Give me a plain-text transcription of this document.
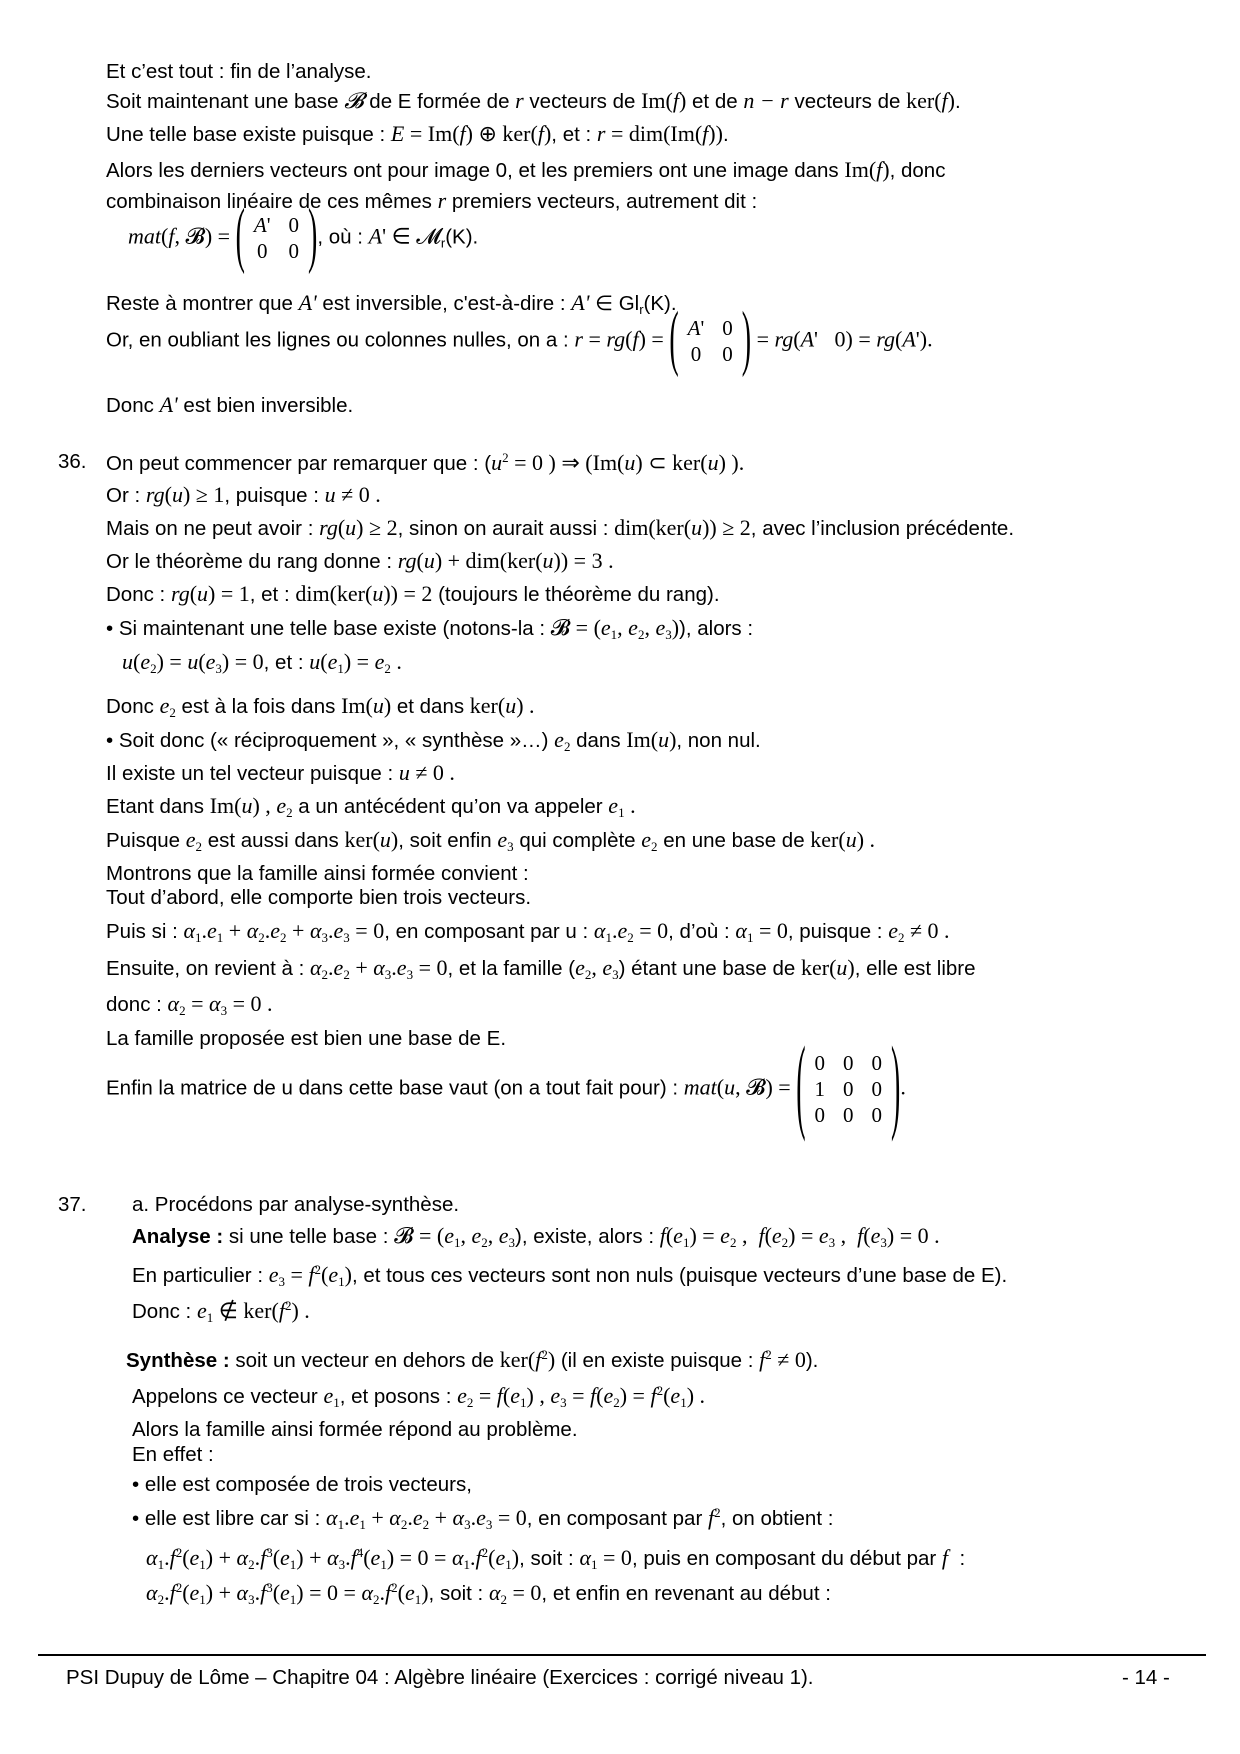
Et c’est tout : fin de l’analyse.
Soit maintenant une base 𝓑 de E formée de r vecteurs de Im(f) et de n − r vecteurs de ker(f).
Une telle base existe puisque : E = Im(f) ⊕ ker(f), et : r = dim(Im(f)).
Alors les derniers vecteurs ont pour image 0, et les premiers ont une image dans Im(f), donc
combinaison linéaire de ces mêmes r premiers vecteurs, autrement dit :
mat(f, 𝓑) = ( A'	0
0	0 ) , où : A' ∈ 𝓜$_r$(K).
Reste à montrer que A' est inversible, c'est-à-dire : A' ∈ $Gl_r(K)$.
Or, en oubliant les lignes ou colonnes nulles, on a : r = rg(f) = ( A'	0
0	0 ) = rg(A'   0) = rg(A').
Donc A' est bien inversible.
36. On peut commencer par remarquer que : ($u^2 = 0$ ) ⇒ (Im(u) ⊂ ker(u) ).
Or : rg(u) ≥ 1, puisque : u ≠ 0 .
Mais on ne peut avoir : rg(u) ≥ 2, sinon on aurait aussi : dim(ker(u)) ≥ 2, avec l’inclusion précédente.
Or le théorème du rang donne : rg(u) + dim(ker(u)) = 3 .
Donc : rg(u) = 1, et : dim(ker(u)) = 2 (toujours le théorème du rang).
• Si maintenant une telle base existe (notons-la : 𝓑 = ($e_1$, $e_2$, $e_3$)), alors :
$u(e_2) = u(e_3) = 0$, et : $u(e_1) = e_2$ .
Donc $e_2$ est à la fois dans Im(u) et dans ker(u) .
• Soit donc (« réciproquement », « synthèse »…) $e_2$ dans Im(u), non nul.
Il existe un tel vecteur puisque : u ≠ 0 .
Etant dans Im(u) , $e_2$ a un antécédent qu’on va appeler $e_1$ .
Puisque $e_2$ est aussi dans ker(u), soit enfin $e_3$ qui complète $e_2$ en une base de ker(u) .
Montrons que la famille ainsi formée convient :
Tout d’abord, elle comporte bien trois vecteurs.
Puis si : $\alpha_1.e_1 + \alpha_2.e_2 + \alpha_3.e_3 = 0$, en composant par u : $\alpha_1.e_2 = 0$, d’où : $\alpha_1 = 0$, puisque : $e_2 \ne 0$ .
Ensuite, on revient à : $\alpha_2.e_2 + \alpha_3.e_3 = 0$, et la famille ($e_2$, $e_3$) étant une base de ker(u), elle est libre
donc : $\alpha_2 = \alpha_3 = 0$ .
La famille proposée est bien une base de E.
Enfin la matrice de u dans cette base vaut (on a tout fait pour) : mat(u, 𝓑) = ( 0	0	0
1	0	0
0	0	0 ) .
37. a. Procédons par analyse-synthèse.
Analyse : si une telle base : 𝓑 = ($e_1$, $e_2$, $e_3$), existe, alors : $f(e_1) = e_2$ ,  $f(e_2) = e_3$ ,  $f(e_3) = 0$ .
En particulier : $e_3 = f^2(e_1)$, et tous ces vecteurs sont non nuls (puisque vecteurs d’une base de E).
Donc : $e_1$ ∉ $ker(f^2)$ .
Synthèse : soit un vecteur en dehors de $ker(f^2)$ (il en existe puisque : $f^2 \ne 0$).
Appelons ce vecteur $e_1$, et posons : $e_2 = f(e_1)$ , $e_3 = f(e_2) = f^2(e_1)$ .
Alors la famille ainsi formée répond au problème.
En effet :
• elle est composée de trois vecteurs,
• elle est libre car si : $\alpha_1.e_1 + \alpha_2.e_2 + \alpha_3.e_3 = 0$, en composant par $f^2$, on obtient :
$\alpha_1.f^2(e_1) + \alpha_2.f^3(e_1) + \alpha_3.f^4(e_1) = 0 = \alpha_1.f^2(e_1)$, soit : $\alpha_1 = 0$, puis en composant du début par f  :
$\alpha_2.f^2(e_1) + \alpha_3.f^3(e_1) = 0 = \alpha_2.f^2(e_1)$, soit : $\alpha_2 = 0$, et enfin en revenant au début :
PSI Dupuy de Lôme – Chapitre 04 : Algèbre linéaire (Exercices : corrigé niveau 1).	- 14 -
